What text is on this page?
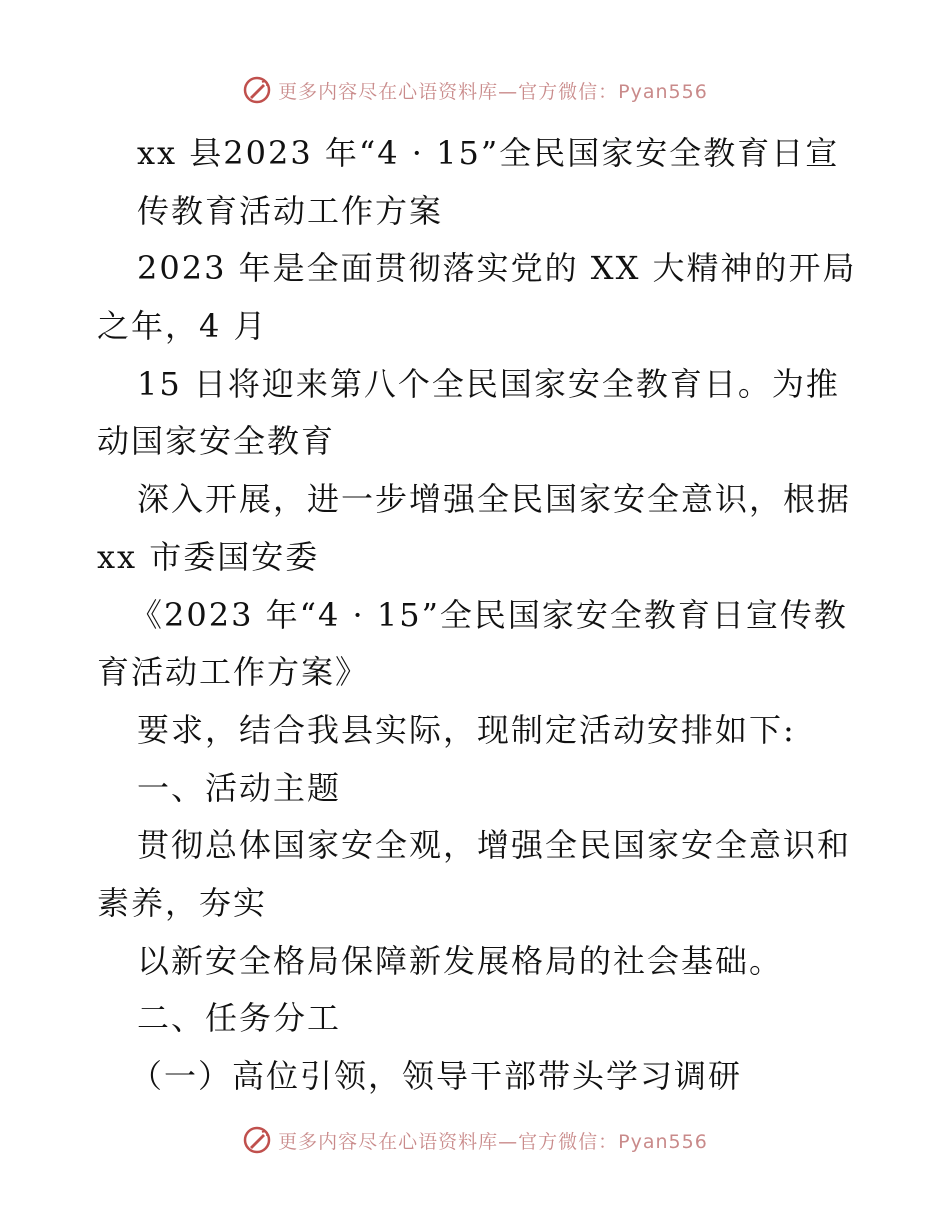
更多内容尽在心语资料库—官方微信：Pyan556
xx 县2023 年“4 · 15”全民国家安全教育日宣
传教育活动工作方案
2023 年是全面贯彻落实党的 XX 大精神的开局
之年，4 月
15 日将迎来第八个全民国家安全教育日。为推
动国家安全教育
深入开展，进一步增强全民国家安全意识，根据
xx 市委国安委
《2023 年“4 · 15”全民国家安全教育日宣传教
育活动工作方案》
要求，结合我县实际，现制定活动安排如下:
一、活动主题
贯彻总体国家安全观，增强全民国家安全意识和
素养，夯实
以新安全格局保障新发展格局的社会基础。
二、任务分工
（一）高位引领，领导干部带头学习调研
更多内容尽在心语资料库—官方微信：Pyan556
